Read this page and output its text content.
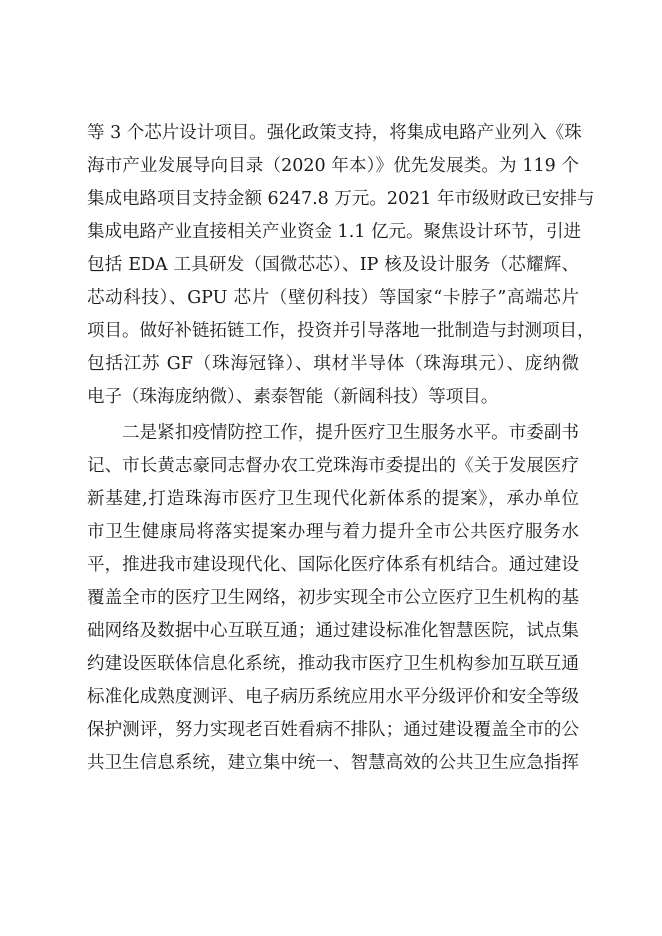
等 3 个芯片设计项目。强化政策支持，将集成电路产业列入《珠
海市产业发展导向目录（2020 年本）》优先发展类。为 119 个
集成电路项目支持金额 6247.8 万元。2021 年市级财政已安排与
集成电路产业直接相关产业资金 1.1 亿元。聚焦设计环节，引进
包括 EDA 工具研发（国微芯芯）、IP 核及设计服务（芯耀辉、
芯动科技）、GPU 芯片（壁仞科技）等国家“卡脖子”高端芯片
项目。做好补链拓链工作，投资并引导落地一批制造与封测项目，
包括江苏 GF（珠海冠锋）、琪材半导体（珠海琪元）、庞纳微
电子（珠海庞纳微）、素泰智能（新阔科技）等项目。
二是紧扣疫情防控工作，提升医疗卫生服务水平。市委副书
记、市长黄志豪同志督办农工党珠海市委提出的《关于发展医疗
新基建,打造珠海市医疗卫生现代化新体系的提案》，承办单位
市卫生健康局将落实提案办理与着力提升全市公共医疗服务水
平，推进我市建设现代化、国际化医疗体系有机结合。通过建设
覆盖全市的医疗卫生网络，初步实现全市公立医疗卫生机构的基
础网络及数据中心互联互通；通过建设标准化智慧医院，试点集
约建设医联体信息化系统，推动我市医疗卫生机构参加互联互通
标准化成熟度测评、电子病历系统应用水平分级评价和安全等级
保护测评，努力实现老百姓看病不排队；通过建设覆盖全市的公
共卫生信息系统，建立集中统一、智慧高效的公共卫生应急指挥
